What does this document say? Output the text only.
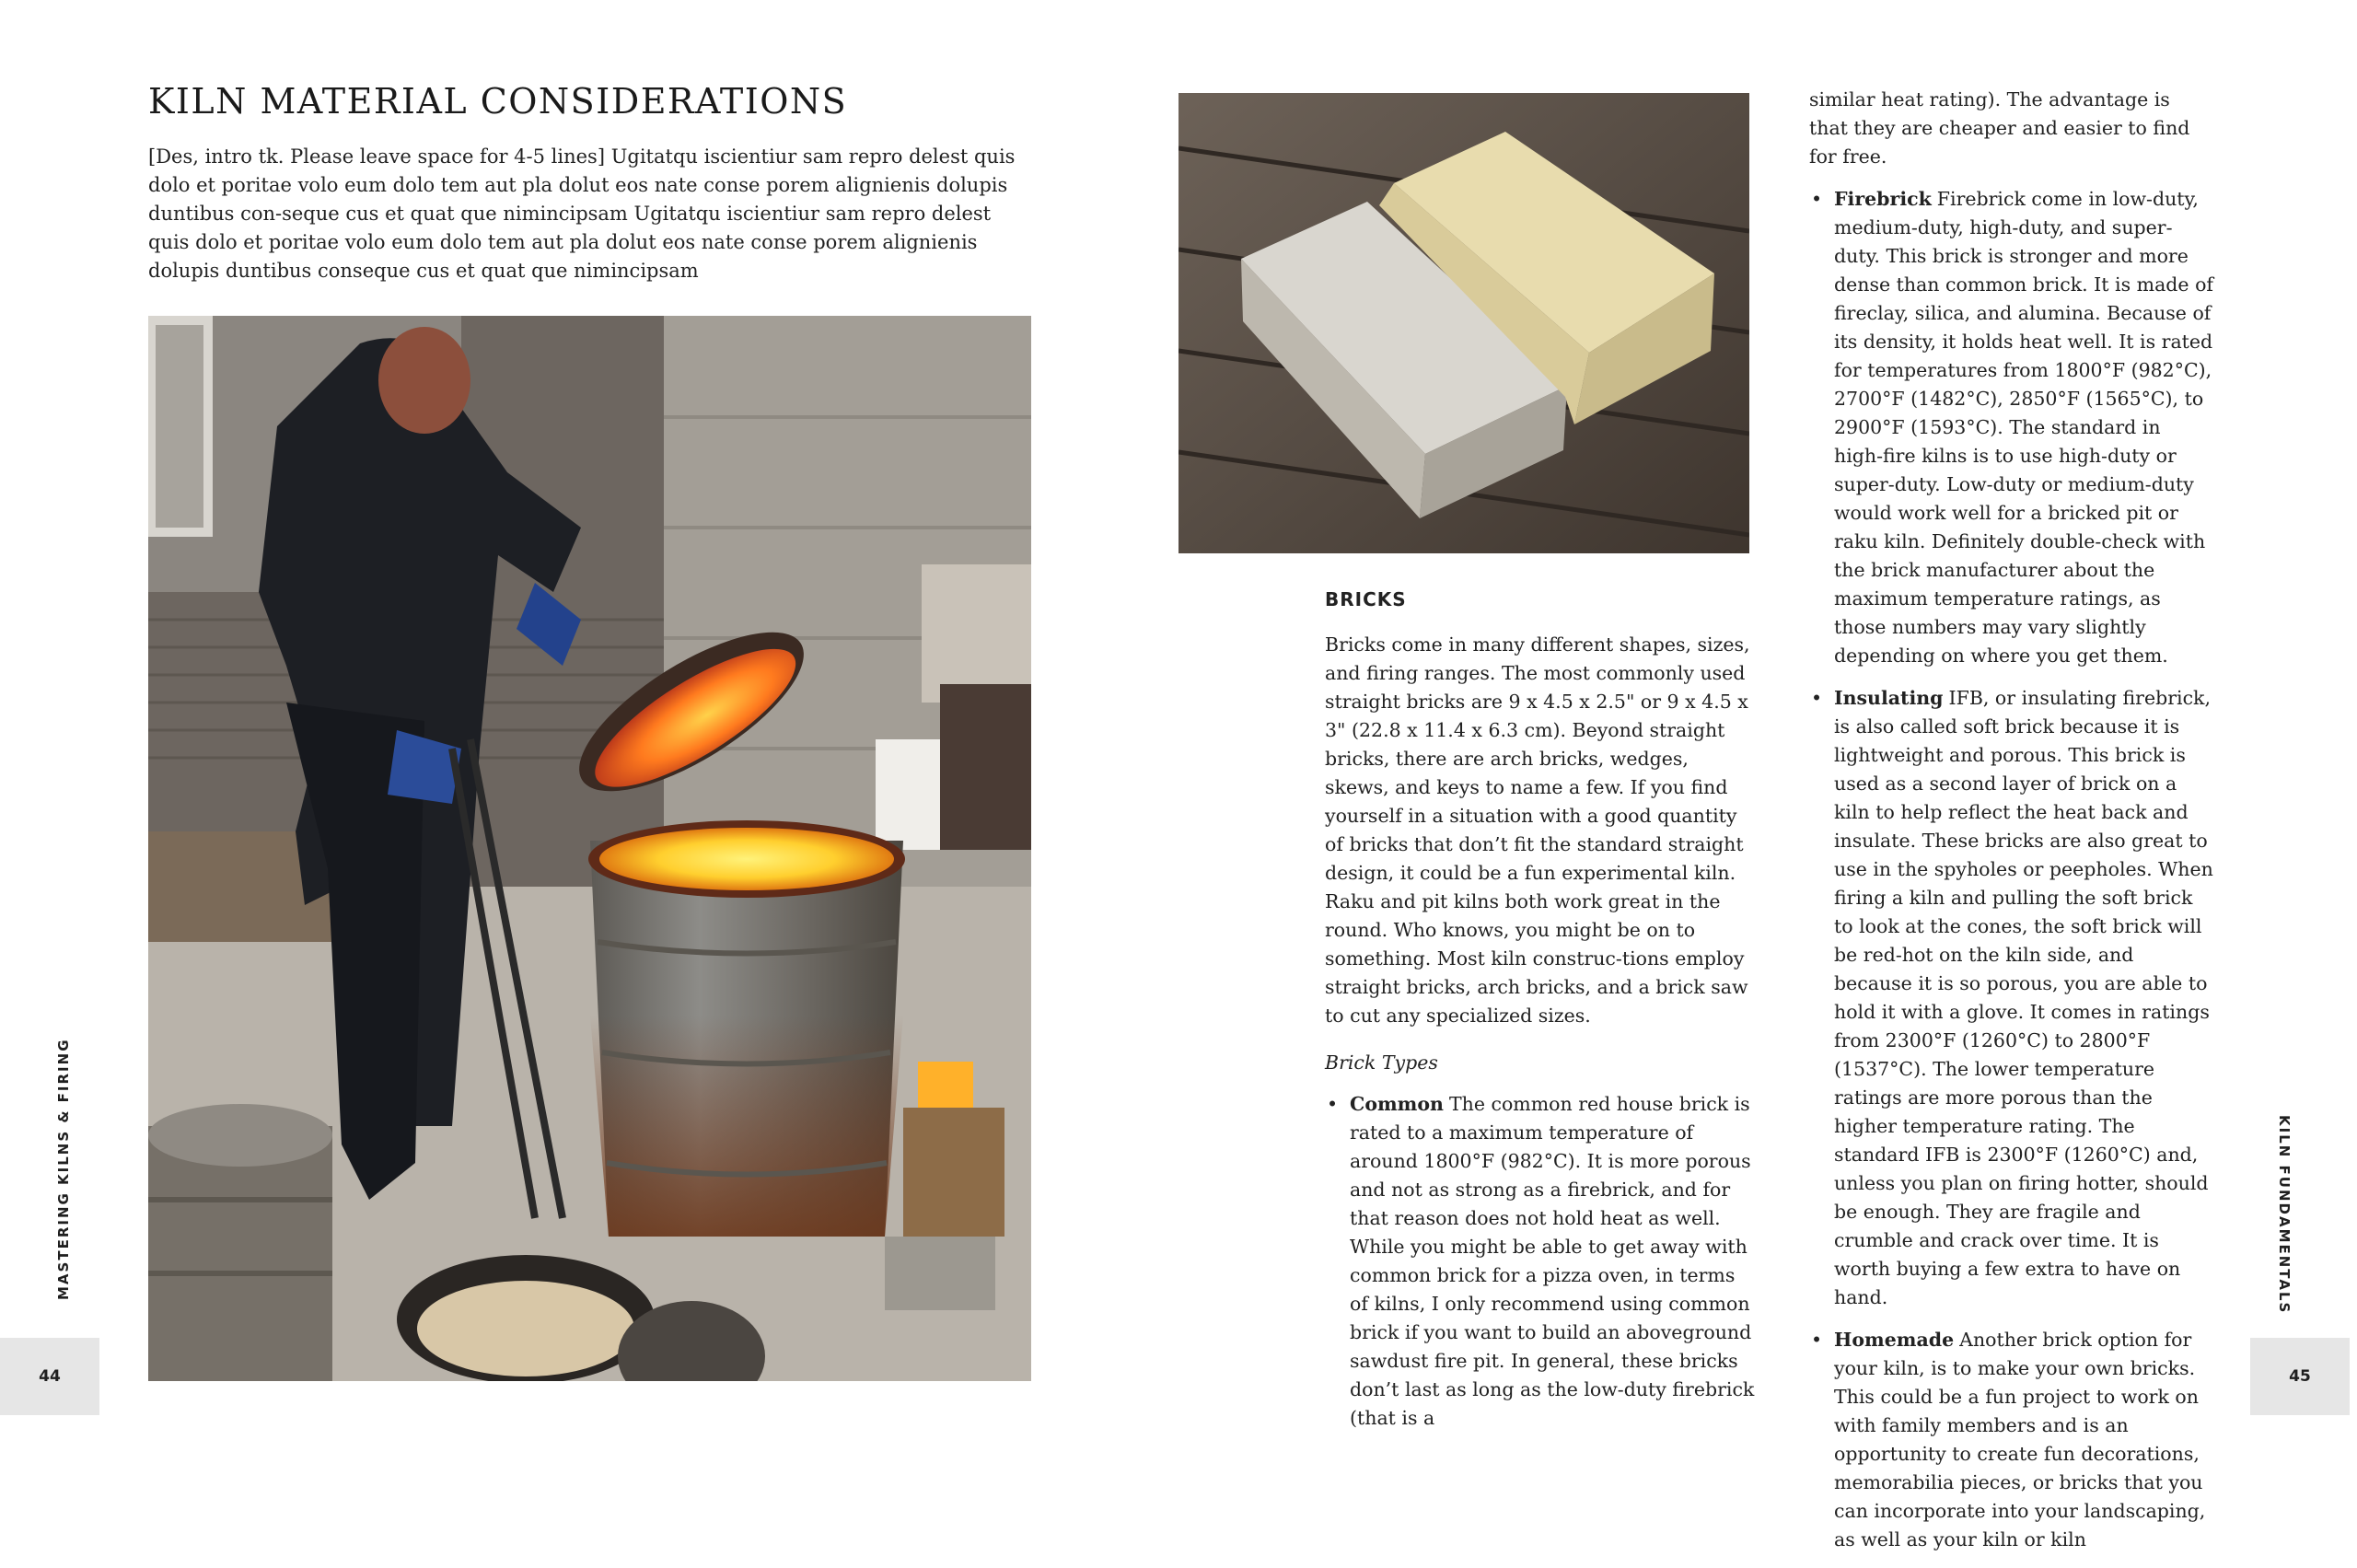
KILN MATERIAL CONSIDERATIONS
[Des, intro tk. Please leave space for 4-5 lines] Ugitatqu iscientiur sam repro delest quis dolo et poritae volo eum dolo tem aut pla dolut eos nate conse porem alignienis dolupis duntibus con-seque cus et quat que nimincipsam Ugitatqu iscientiur sam repro delest quis dolo et poritae volo eum dolo tem aut pla dolut eos nate conse porem alignienis dolupis duntibus conseque cus et quat que nimincipsam
BRICKS

Bricks come in many different shapes, sizes, and firing ranges. The most commonly used straight bricks are 9 x 4.5 x 2.5" or 9 x 4.5 x 3" (22.8 x 11.4 x 6.3 cm). Beyond straight bricks, there are arch bricks, wedges, skews, and keys to name a few. If you find yourself in a situation with a good quantity of bricks that don’t fit the standard straight design, it could be a fun experimental kiln. Raku and pit kilns both work great in the round. Who knows, you might be on to something. Most kiln construc-tions employ straight bricks, arch bricks, and a brick saw to cut any specialized sizes.

Brick Types
• Common The common red house brick is rated to a maximum temperature of around 1800°F (982°C). It is more porous and not as strong as a firebrick, and for that reason does not hold heat as well. While you might be able to get away with common brick for a pizza oven, in terms of kilns, I only recommend using common brick if you want to build an aboveground sawdust fire pit. In general, these bricks don’t last as long as the low-duty firebrick (that is a

similar heat rating). The advantage is that they are cheaper and easier to find for free.

• Firebrick Firebrick come in low-duty, medium-duty, high-duty, and super-duty. This brick is stronger and more dense than common brick. It is made of fireclay, silica, and alumina. Because of its density, it holds heat well. It is rated for temperatures from 1800°F (982°C), 2700°F (1482°C), 2850°F (1565°C), to 2900°F (1593°C). The standard in high-fire kilns is to use high-duty or super-duty. Low-duty or medium-duty would work well for a bricked pit or raku kiln. Definitely double-check with the brick manufacturer about the maximum temperature ratings, as those numbers may vary slightly depending on where you get them.
• Insulating IFB, or insulating firebrick, is also called soft brick because it is lightweight and porous. This brick is used as a second layer of brick on a kiln to help reflect the heat back and insulate. These bricks are also great to use in the spyholes or peepholes. When firing a kiln and pulling the soft brick to look at the cones, the soft brick will be red-hot on the kiln side, and because it is so porous, you are able to hold it with a glove. It comes in ratings from 2300°F (1260°C) to 2800°F (1537°C). The lower temperature ratings are more porous than the higher temperature rating. The standard IFB is 2300°F (1260°C) and, unless you plan on firing hotter, should be enough. They are fragile and crumble and crack over time. It is worth buying a few extra to have on hand.
• Homemade Another brick option for your kiln, is to make your own bricks. This could be a fun project to work on with family members and is an opportunity to create fun decorations, memorabilia pieces, or bricks that you can incorporate into your landscaping, as well as your kiln or kiln
MASTERING KILNS & FIRING	KILN FUNDAMENTALS
44	45
